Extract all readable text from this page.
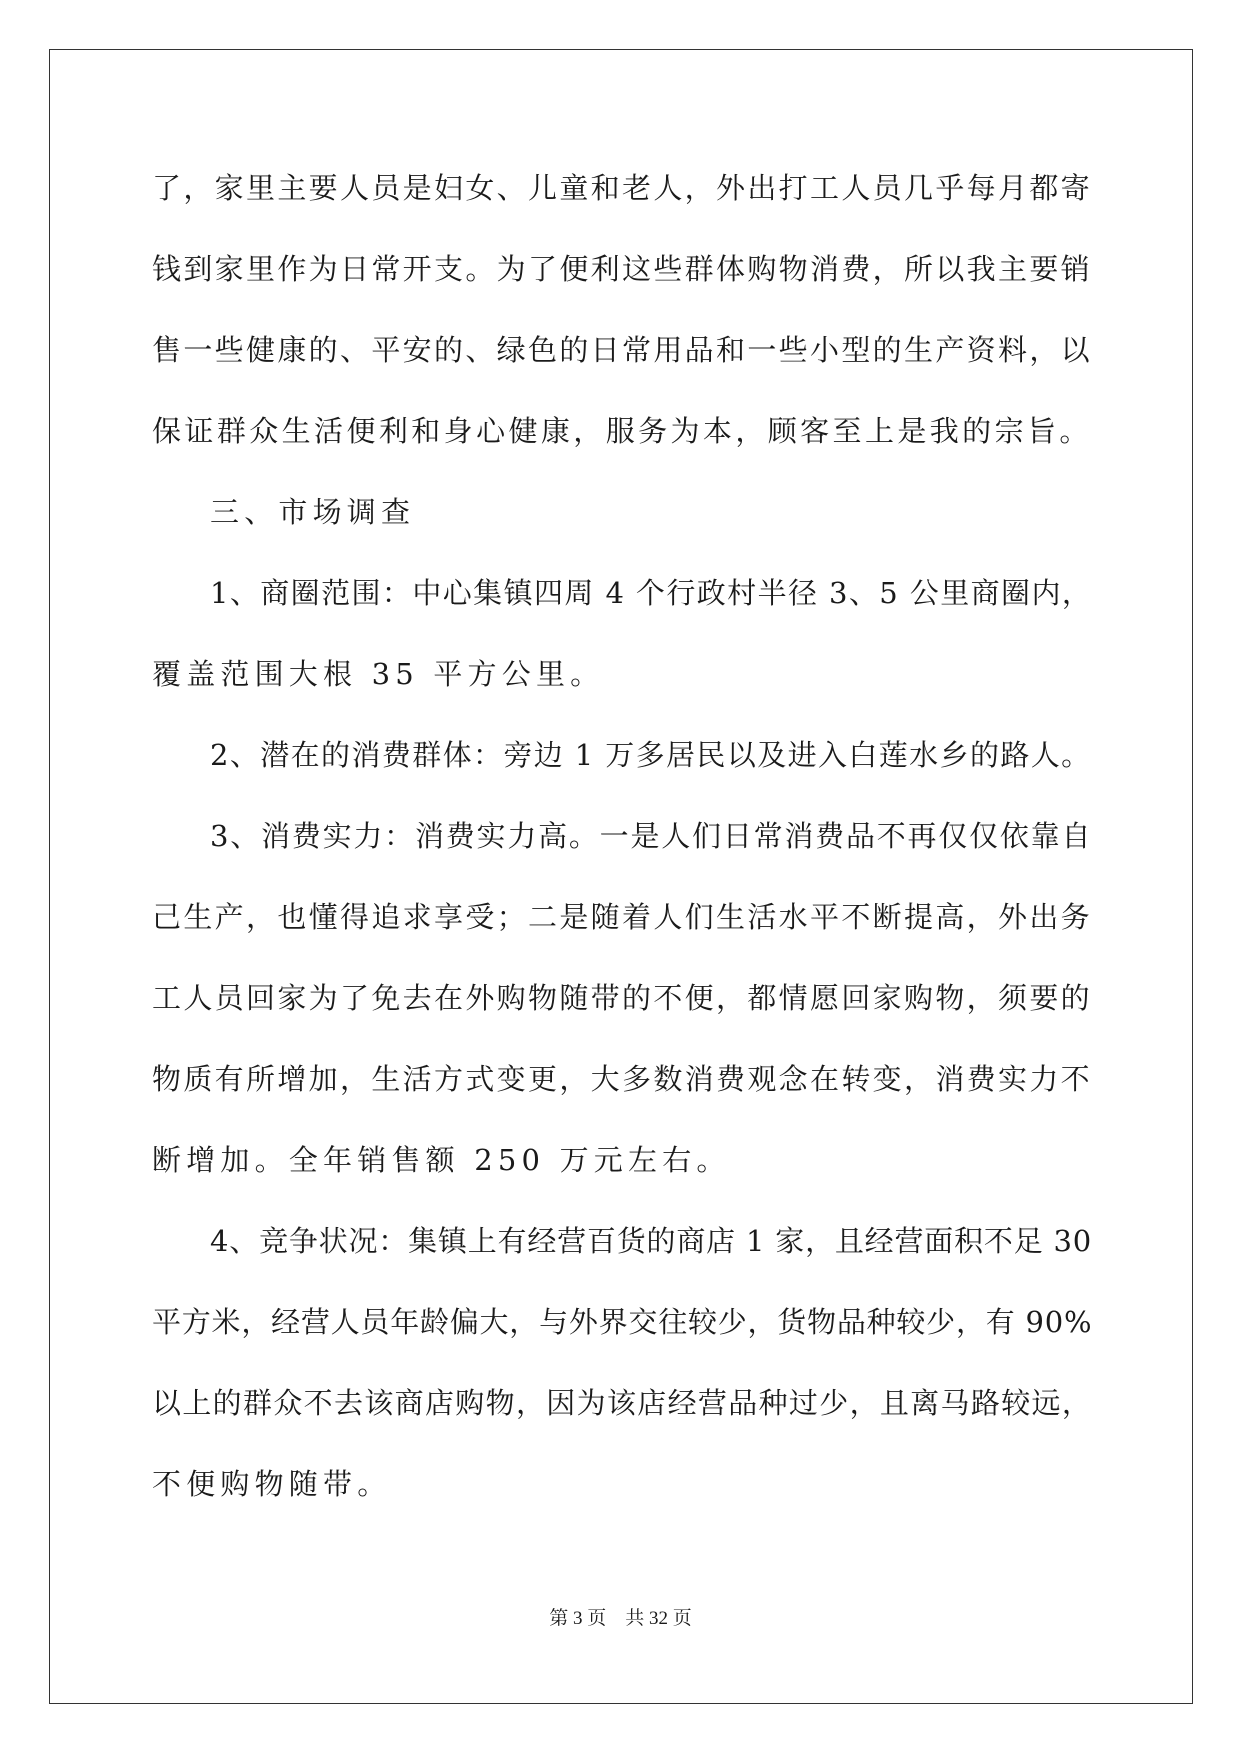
了，家里主要人员是妇女、儿童和老人，外出打工人员几乎每月都寄
钱到家里作为日常开支。为了便利这些群体购物消费，所以我主要销
售一些健康的、平安的、绿色的日常用品和一些小型的生产资料，以
保证群众生活便利和身心健康，服务为本，顾客至上是我的宗旨。
三、市场调查
1、商圈范围：中心集镇四周 4 个行政村半径 3、5 公里商圈内，
覆盖范围大根 35 平方公里。
2、潜在的消费群体：旁边 1 万多居民以及进入白莲水乡的路人。
3、消费实力：消费实力高。一是人们日常消费品不再仅仅依靠自
己生产，也懂得追求享受；二是随着人们生活水平不断提高，外出务
工人员回家为了免去在外购物随带的不便，都情愿回家购物，须要的
物质有所增加，生活方式变更，大多数消费观念在转变，消费实力不
断增加。全年销售额 250 万元左右。
4、竞争状况：集镇上有经营百货的商店 1 家，且经营面积不足 30
平方米，经营人员年龄偏大，与外界交往较少，货物品种较少，有 90%
以上的群众不去该商店购物，因为该店经营品种过少，且离马路较远，
不便购物随带。
第 3 页    共 32 页
